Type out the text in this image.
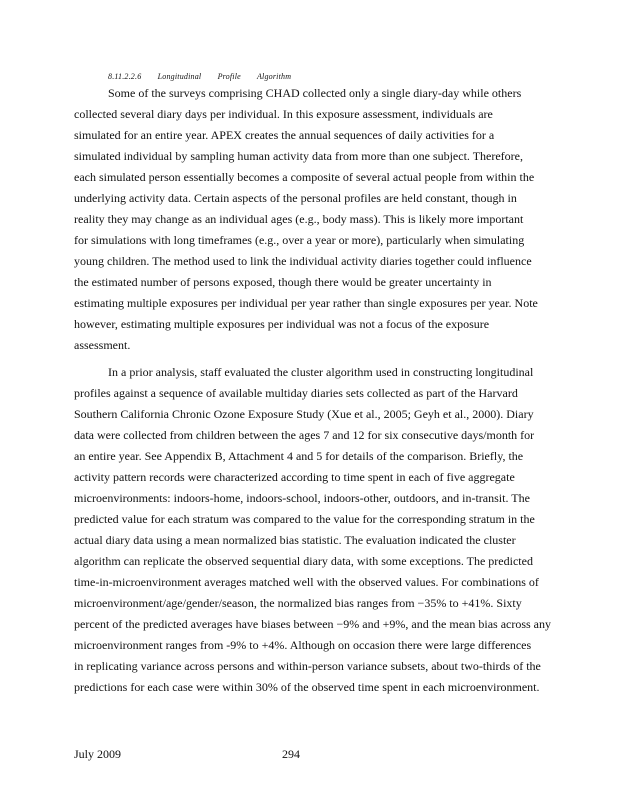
8.11.2.2.6 Longitudinal Profile Algorithm
Some of the surveys comprising CHAD collected only a single diary-day while others
collected several diary days per individual. In this exposure assessment, individuals are
simulated for an entire year. APEX creates the annual sequences of daily activities for a
simulated individual by sampling human activity data from more than one subject. Therefore,
each simulated person essentially becomes a composite of several actual people from within the
underlying activity data. Certain aspects of the personal profiles are held constant, though in
reality they may change as an individual ages (e.g., body mass). This is likely more important
for simulations with long timeframes (e.g., over a year or more), particularly when simulating
young children. The method used to link the individual activity diaries together could influence
the estimated number of persons exposed, though there would be greater uncertainty in
estimating multiple exposures per individual per year rather than single exposures per year. Note
however, estimating multiple exposures per individual was not a focus of the exposure
assessment.
In a prior analysis, staff evaluated the cluster algorithm used in constructing longitudinal
profiles against a sequence of available multiday diaries sets collected as part of the Harvard
Southern California Chronic Ozone Exposure Study (Xue et al., 2005; Geyh et al., 2000). Diary
data were collected from children between the ages 7 and 12 for six consecutive days/month for
an entire year. See Appendix B, Attachment 4 and 5 for details of the comparison. Briefly, the
activity pattern records were characterized according to time spent in each of five aggregate
microenvironments: indoors-home, indoors-school, indoors-other, outdoors, and in-transit. The
predicted value for each stratum was compared to the value for the corresponding stratum in the
actual diary data using a mean normalized bias statistic. The evaluation indicated the cluster
algorithm can replicate the observed sequential diary data, with some exceptions. The predicted
time-in-microenvironment averages matched well with the observed values. For combinations of
microenvironment/age/gender/season, the normalized bias ranges from −35% to +41%. Sixty
percent of the predicted averages have biases between −9% and +9%, and the mean bias across any
microenvironment ranges from -9% to +4%. Although on occasion there were large differences
in replicating variance across persons and within-person variance subsets, about two-thirds of the
predictions for each case were within 30% of the observed time spent in each microenvironment.
July 2009	294
